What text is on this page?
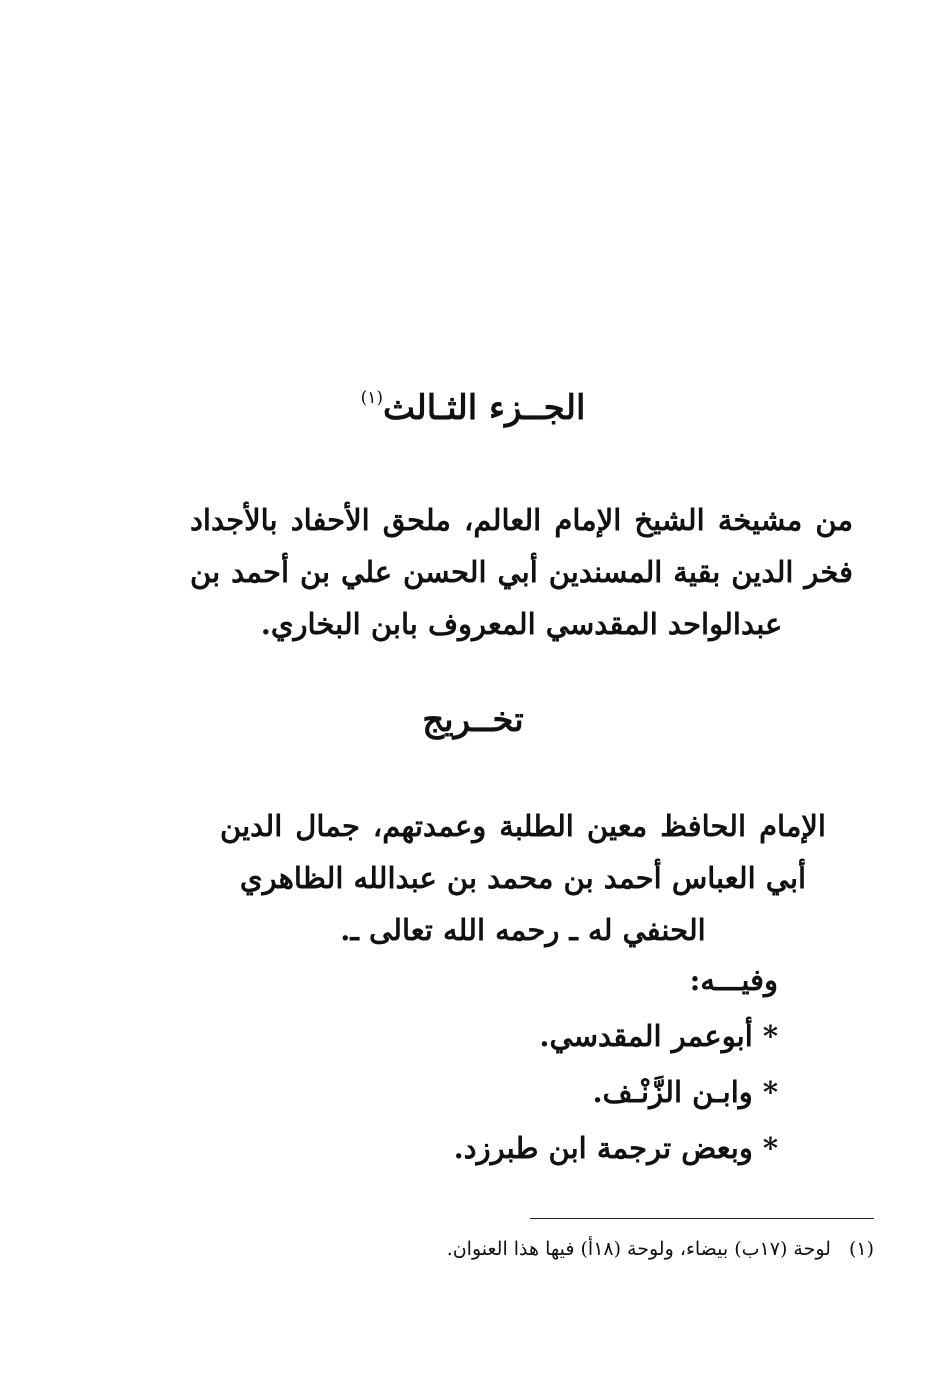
الجــزء الثـالث$^{(١)}$
من مشيخة الشيخ الإمام العالم، ملحق الأحفاد بالأجداد
فخر الدين بقية المسندين أبي الحسن علي بن أحمد بن
عبدالواحد المقدسي المعروف بابن البخاري.
تخــريج
الإمام الحافظ معين الطلبة وعمدتهم، جمال الدين
أبي العباس أحمد بن محمد بن عبدالله الظاهري
الحنفي له ـ رحمه الله تعالى ـ.
وفيـــه:
*أبوعمر المقدسي.
*وابـن الزَّنْـف.
*وبعض ترجمة ابن طبرزد.
(١)لوحة (١٧ب) بيضاء، ولوحة (١٨أ) فيها هذا العنوان.
